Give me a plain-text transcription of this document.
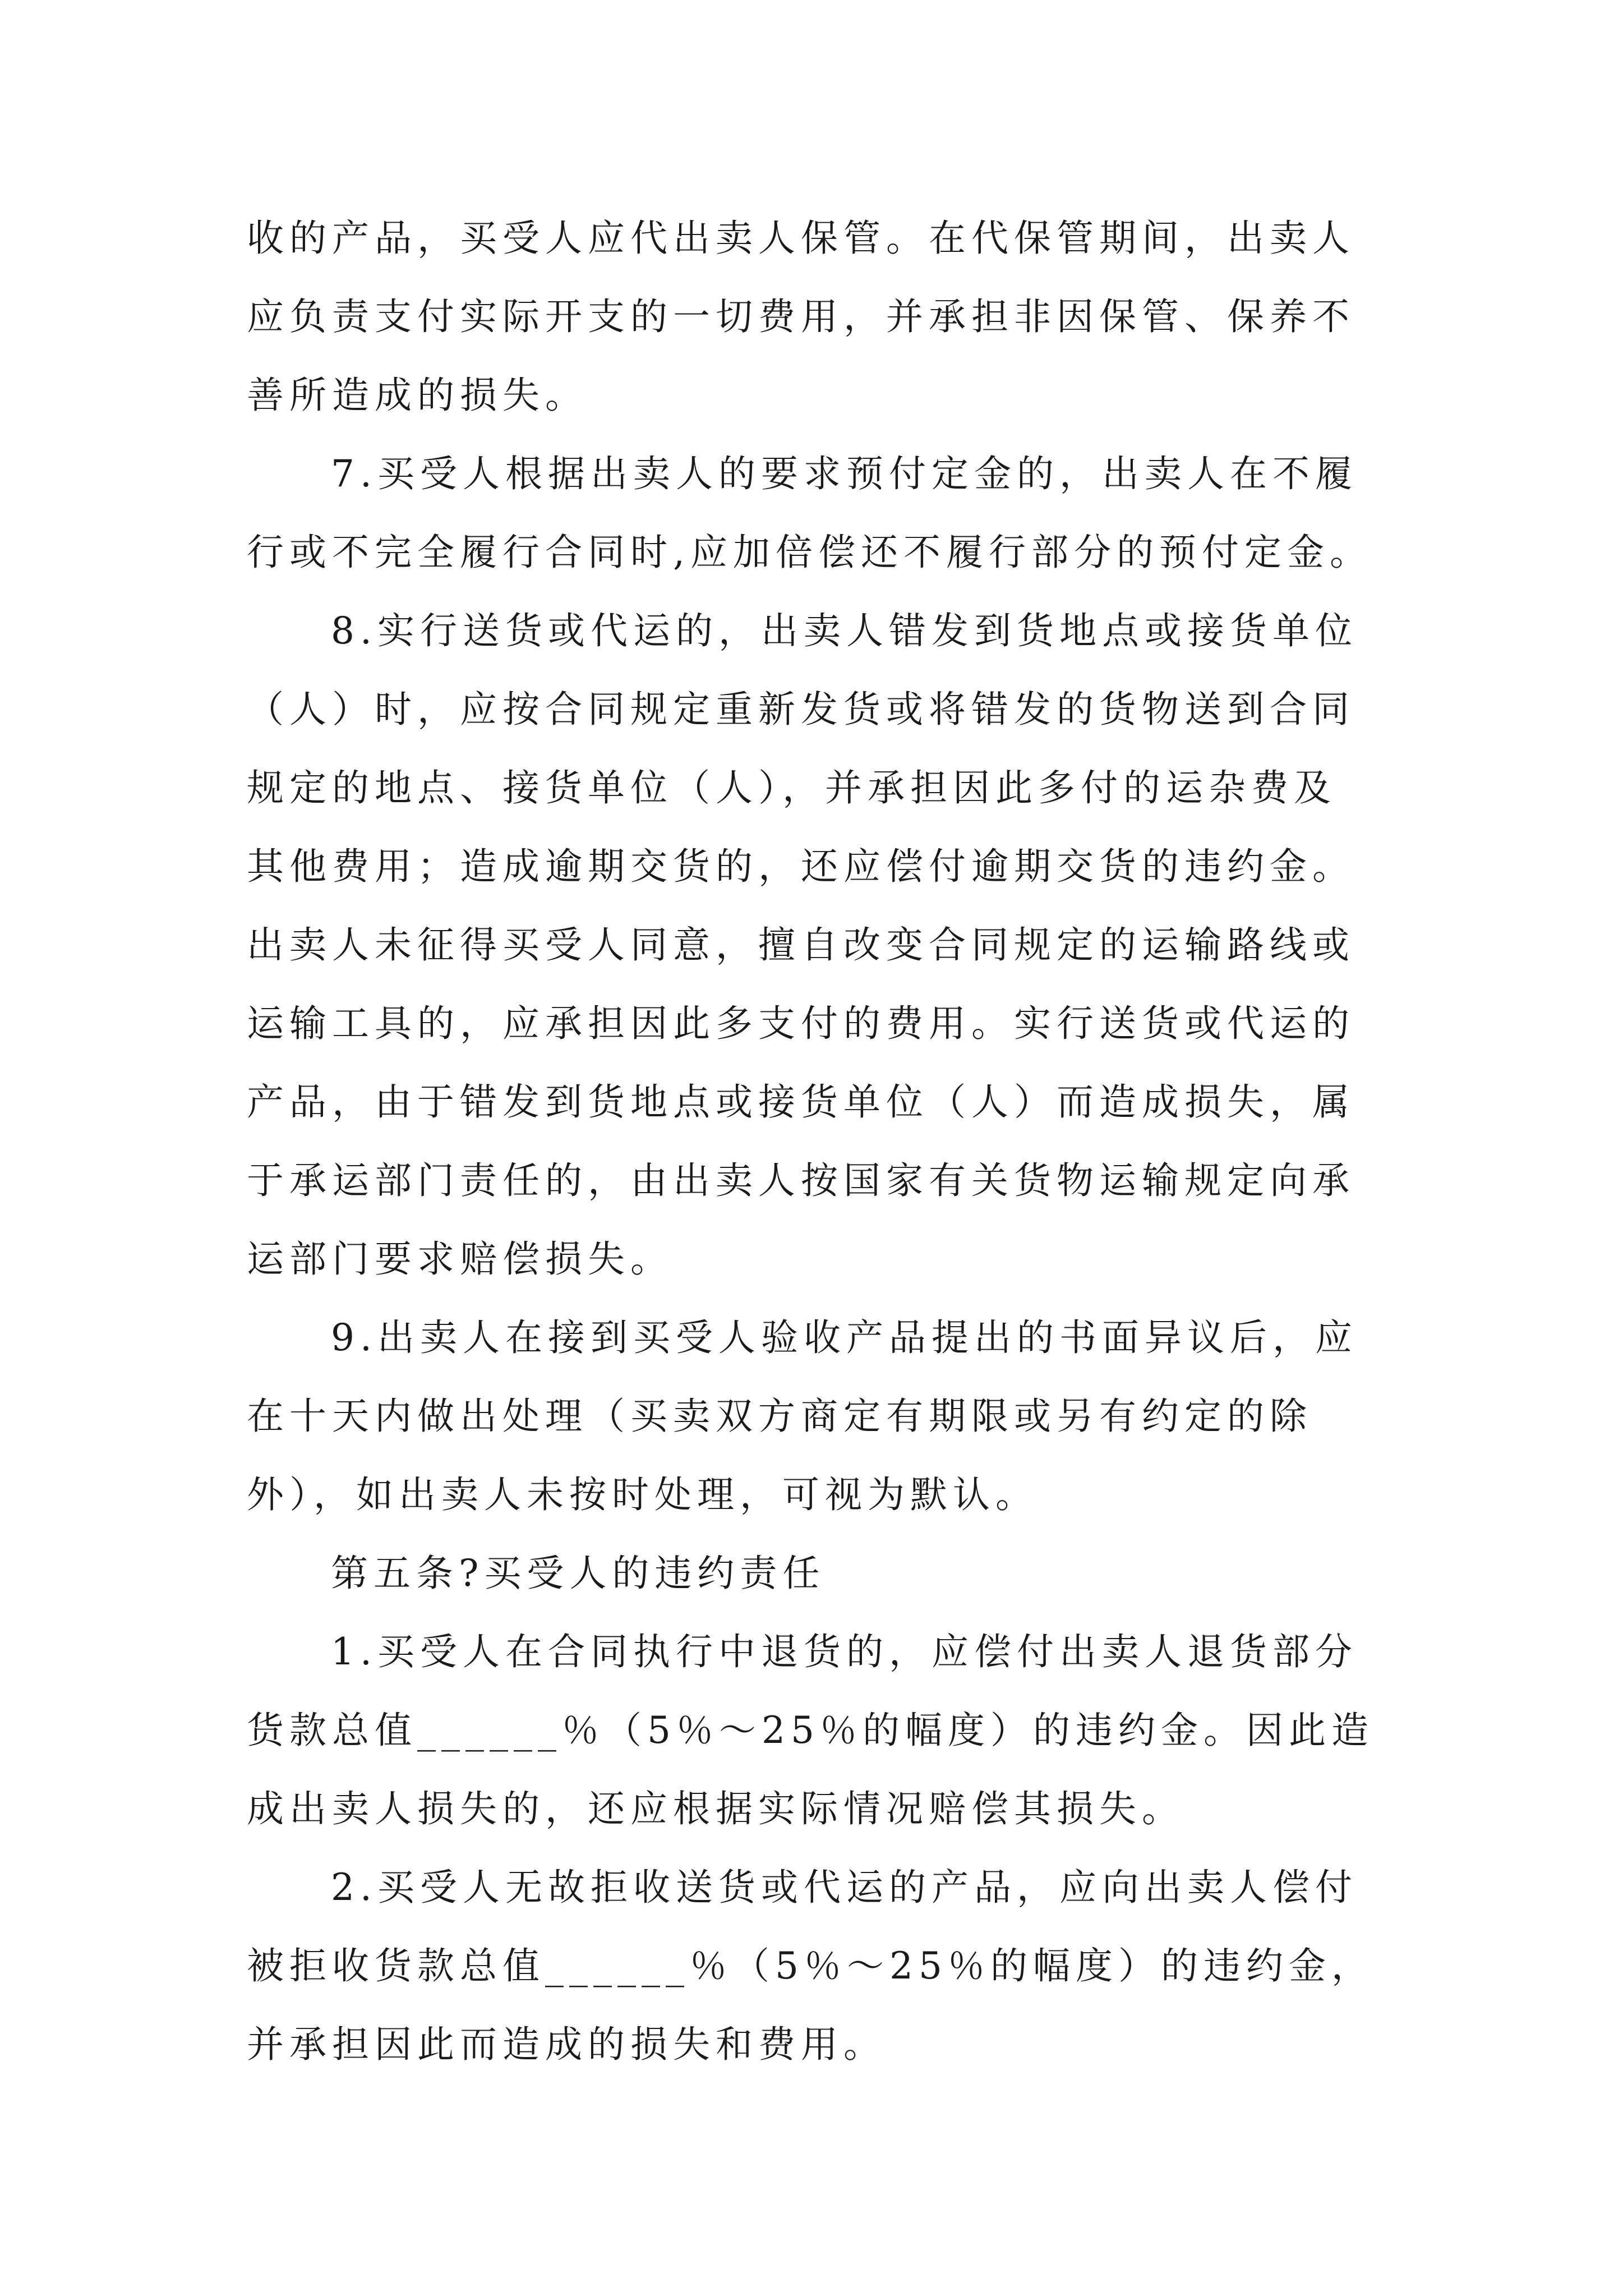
收的产品，买受人应代出卖人保管。在代保管期间，出卖人

应负责支付实际开支的一切费用，并承担非因保管、保养不

善所造成的损失。

7.买受人根据出卖人的要求预付定金的，出卖人在不履

行或不完全履行合同时,应加倍偿还不履行部分的预付定金。

8.实行送货或代运的，出卖人错发到货地点或接货单位

（人）时，应按合同规定重新发货或将错发的货物送到合同

规定的地点、接货单位（人），并承担因此多付的运杂费及

其他费用；造成逾期交货的，还应偿付逾期交货的违约金。

出卖人未征得买受人同意，擅自改变合同规定的运输路线或

运输工具的，应承担因此多支付的费用。实行送货或代运的

产品，由于错发到货地点或接货单位（人）而造成损失，属

于承运部门责任的，由出卖人按国家有关货物运输规定向承

运部门要求赔偿损失。

9.出卖人在接到买受人验收产品提出的书面异议后，应

在十天内做出处理（买卖双方商定有期限或另有约定的除

外），如出卖人未按时处理，可视为默认。

第五条?买受人的违约责任

1.买受人在合同执行中退货的，应偿付出卖人退货部分

货款总值______％（5％～25％的幅度）的违约金。因此造

成出卖人损失的，还应根据实际情况赔偿其损失。

2.买受人无故拒收送货或代运的产品，应向出卖人偿付

被拒收货款总值______％（5％～25％的幅度）的违约金，

并承担因此而造成的损失和费用。
